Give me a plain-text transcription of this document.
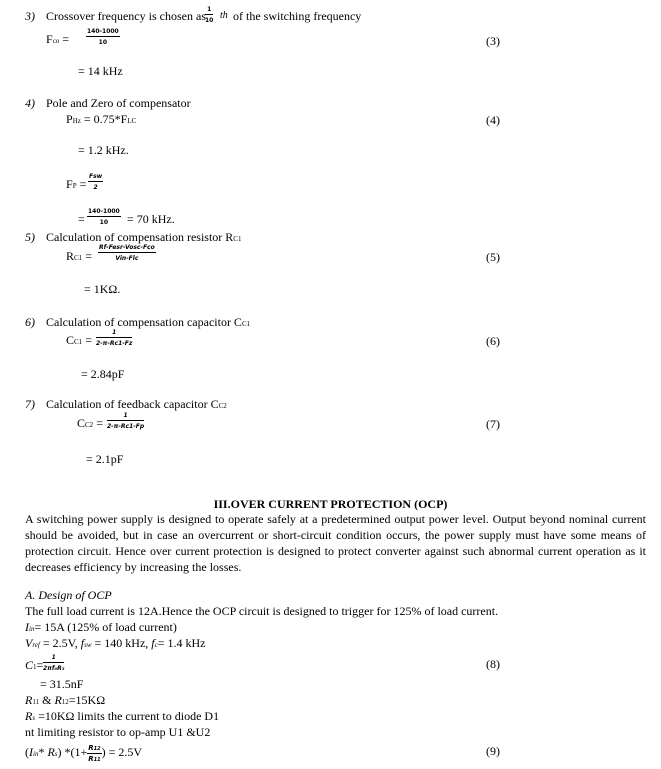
3) Crossover frequency is chosen as $\frac{1}{10}$ th of the switching frequency
Fco =	$\frac{140‐1000}{10}$	(3)
= 14 kHz
4) Pole and Zero of compensator
PHz = 0.75*FLC	(4)
= 1.2 kHz.
FP =
Fsw
2
= $\frac{140‐1000}{10} = 70$ kHz.
5) Calculation of compensation resistor RC1
RC1 =
Rf‐Fesr‐Vosc‐Fco
Vin‐Flc	(5)
= 1KΩ.
6) Calculation of compensation capacitor CC1
$CC1 = \frac{1}{2‐\pi‐Rc1‐Fz}$	(6)
= 2.84pF
7) Calculation of feedback capacitor CC2
$CC2 = \frac{1}{2‐\pi‐Rc1‐Fp}$	(7)
= 2.1pF
III.OVER CURRENT PROTECTION (OCP)
A switching power supply is designed to operate safely at a predetermined output power level. Output beyond nominal current should be avoided, but in case an overcurrent or short-circuit condition occurs, the power supply must have some means of protection circuit. Hence over current protection is designed to protect converter against such abnormal current operation as it decreases efficiency by increasing the losses.
A. Design of OCP
The full load current is 12A.Hence the OCP circuit is designed to trigger for 125% of load current.
Iin= 15A (125% of load current)
Vref = 2.5V, fsw = 140 kHz, fc= 1.4 kHz
$C1= \frac{1}{\text{2πf₀R₃}}$	(8)
= 31.5nF
R11 & R12=15KΩ
Rs =10KΩ limits the current to diode D1
nt limiting resistor to op-amp U1 &U2
(Iin* Rs) $*(1+ \frac{R12}{R11}$ ) = 2.5V	(9)
